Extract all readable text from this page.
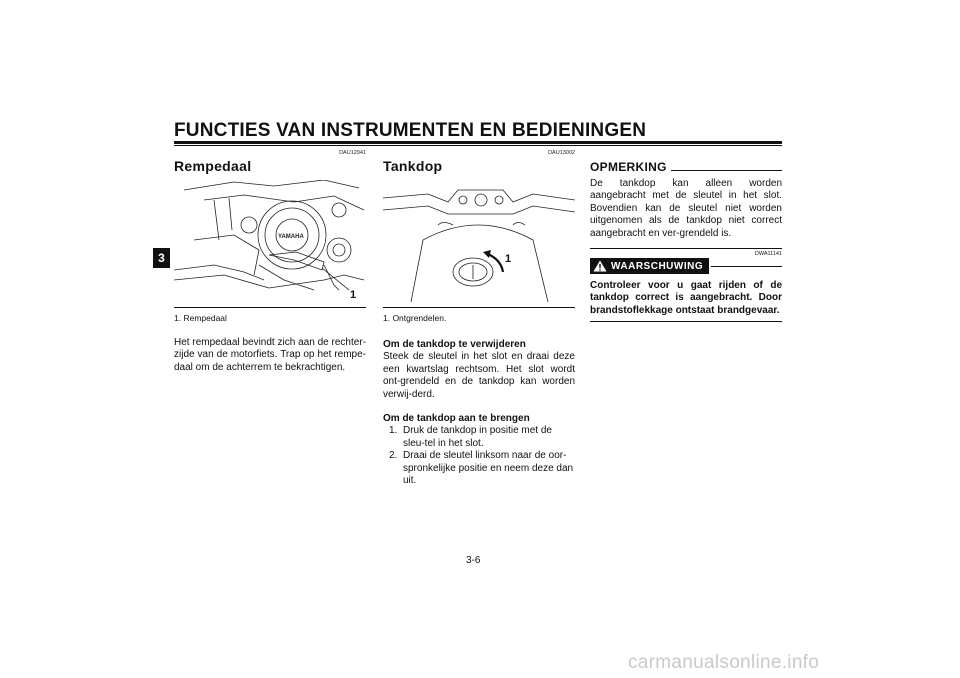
FUNCTIES VAN INSTRUMENTEN EN BEDIENINGEN
3
DAU12941
Rempedaal
YAMAHA
1

1. Rempedaal

Het rempedaal bevindt zich aan de rechter-zijde van de motorfiets. Trap op het rempe-daal om de achterrem te bekrachtigen.

DAU13002
Tankdop
1

1. Ontgrendelen.

Om de tankdop te verwijderen

Steek de sleutel in het slot en draai deze een kwartslag rechtsom. Het slot wordt ont-grendeld en de tankdop kan worden verwij-derd.

Om de tankdop aan te brengen

1. Druk de tankdop in positie met de sleu-tel in het slot.
2. Draai de sleutel linksom naar de oor-spronkelijke positie en neem deze dan uit.
OPMERKING

De tankdop kan alleen worden aangebracht met de sleutel in het slot. Bovendien kan de sleutel niet worden uitgenomen als de tankdop niet correct aangebracht en ver-grendeld is.

DWA11141
WAARSCHUWING

Controleer voor u gaat rijden of de tankdop correct is aangebracht. Door brandstoflekkage ontstaat brandgevaar.

3-6
carmanualsonline.info
